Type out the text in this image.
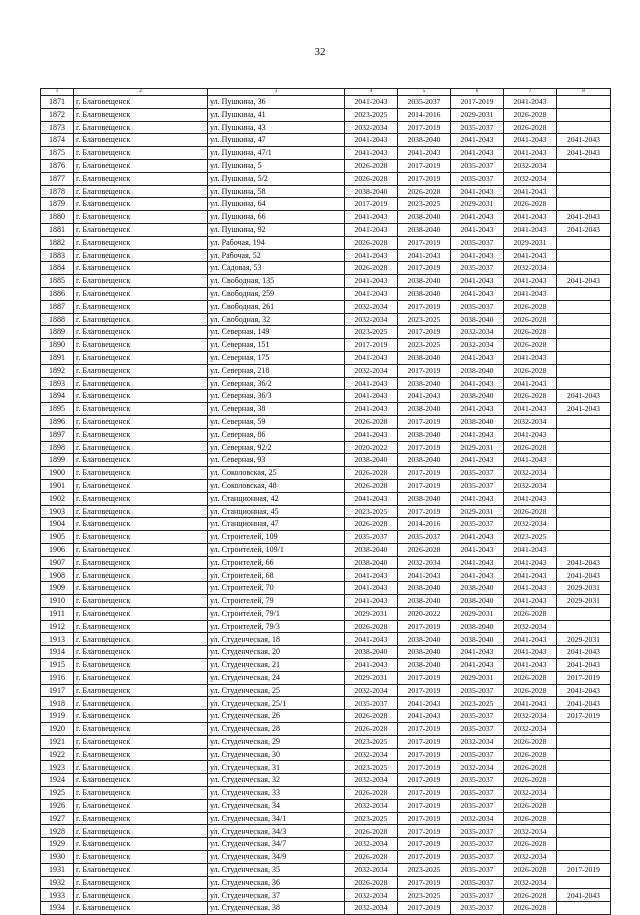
32
1	2	3	4	5	6	7	8
1871	г. Благовещенск	ул. Пушкина, 36	2041-2043	2035-2037	2017-2019	2041-2043	
1872	г. Благовещенск	ул. Пушкина, 41	2023-2025	2014-2016	2029-2031	2026-2028	
1873	г. Благовещенск	ул. Пушкина, 43	2032-2034	2017-2019	2035-2037	2026-2028	
1874	г. Благовещенск	ул. Пушкина, 47	2041-2043	2038-2040	2041-2043	2041-2043	2041-2043
1875	г. Благовещенск	ул. Пушкина, 47/1	2041-2043	2041-2043	2041-2043	2041-2043	2041-2043
1876	г. Благовещенск	ул. Пушкина, 5	2026-2028	2017-2019	2035-2037	2032-2034	
1877	г. Благовещенск	ул. Пушкина, 5/2	2026-2028	2017-2019	2035-2037	2032-2034	
1878	г. Благовещенск	ул. Пушкина, 58	2038-2040	2026-2028	2041-2043	2041-2043	
1879	г. Благовещенск	ул. Пушкина, 64	2017-2019	2023-2025	2029-2031	2026-2028	
1880	г. Благовещенск	ул. Пушкина, 66	2041-2043	2038-2040	2041-2043	2041-2043	2041-2043
1881	г. Благовещенск	ул. Пушкина, 92	2041-2043	2038-2040	2041-2043	2041-2043	2041-2043
1882	г. Благовещенск	ул. Рабочая, 194	2026-2028	2017-2019	2035-2037	2029-2031	
1883	г. Благовещенск	ул. Рабочая, 52	2041-2043	2041-2043	2041-2043	2041-2043	
1884	г. Благовещенск	ул. Садовая, 53	2026-2028	2017-2019	2035-2037	2032-2034	
1885	г. Благовещенск	ул. Свободная, 135	2041-2043	2038-2040	2041-2043	2041-2043	2041-2043
1886	г. Благовещенск	ул. Свободная, 259	2041-2043	2038-2040	2041-2043	2041-2043	
1887	г. Благовещенск	ул. Свободная, 261	2032-2034	2017-2019	2035-2037	2026-2028	
1888	г. Благовещенск	ул. Свободная, 32	2032-2034	2023-2025	2038-2040	2026-2028	
1889	г. Благовещенск	ул. Северная, 149	2023-2025	2017-2019	2032-2034	2026-2028	
1890	г. Благовещенск	ул. Северная, 151	2017-2019	2023-2025	2032-2034	2026-2028	
1891	г. Благовещенск	ул. Северная, 175	2041-2043	2038-2040	2041-2043	2041-2043	
1892	г. Благовещенск	ул. Северная, 218	2032-2034	2017-2019	2038-2040	2026-2028	
1893	г. Благовещенск	ул. Северная, 36/2	2041-2043	2038-2040	2041-2043	2041-2043	
1894	г. Благовещенск	ул. Северная, 36/3	2041-2043	2041-2043	2038-2040	2026-2028	2041-2043
1895	г. Благовещенск	ул. Северная, 38	2041-2043	2038-2040	2041-2043	2041-2043	2041-2043
1896	г. Благовещенск	ул. Северная, 59	2026-2028	2017-2019	2038-2040	2032-2034	
1897	г. Благовещенск	ул. Северная, 86	2041-2043	2038-2040	2041-2043	2041-2043	
1898	г. Благовещенск	ул. Северная, 92/2	2020-2022	2017-2019	2029-2031	2026-2028	
1899	г. Благовещенск	ул. Северная, 93	2038-2040	2038-2040	2041-2043	2041-2043	
1900	г. Благовещенск	ул. Соколовская, 25	2026-2028	2017-2019	2035-2037	2032-2034	
1901	г. Благовещенск	ул. Соколовская, 48	2026-2028	2017-2019	2035-2037	2032-2034	
1902	г. Благовещенск	ул. Станционная, 42	2041-2043	2038-2040	2041-2043	2041-2043	
1903	г. Благовещенск	ул. Станционная, 45	2023-2025	2017-2019	2029-2031	2026-2028	
1904	г. Благовещенск	ул. Станционная, 47	2026-2028	2014-2016	2035-2037	2032-2034	
1905	г. Благовещенск	ул. Строителей, 109	2035-2037	2035-2037	2041-2043	2023-2025	
1906	г. Благовещенск	ул. Строителей, 109/1	2038-2040	2026-2028	2041-2043	2041-2043	
1907	г. Благовещенск	ул. Строителей, 66	2038-2040	2032-2034	2041-2043	2041-2043	2041-2043
1908	г. Благовещенск	ул. Строителей, 68	2041-2043	2041-2043	2041-2043	2041-2043	2041-2043
1909	г. Благовещенск	ул. Строителей, 70	2041-2043	2038-2040	2038-2040	2041-2043	2029-2031
1910	г. Благовещенск	ул. Строителей, 79	2041-2043	2038-2040	2038-2040	2041-2043	2029-2031
1911	г. Благовещенск	ул. Строителей, 79/1	2029-2031	2020-2022	2029-2031	2026-2028	
1912	г. Благовещенск	ул. Строителей, 79/3	2026-2028	2017-2019	2038-2040	2032-2034	
1913	г. Благовещенск	ул. Студенческая, 18	2041-2043	2038-2040	2038-2040	2041-2043	2029-2031
1914	г. Благовещенск	ул. Студенческая, 20	2038-2040	2038-2040	2041-2043	2041-2043	2041-2043
1915	г. Благовещенск	ул. Студенческая, 21	2041-2043	2038-2040	2041-2043	2041-2043	2041-2043
1916	г. Благовещенск	ул. Студенческая, 24	2029-2031	2017-2019	2029-2031	2026-2028	2017-2019
1917	г. Благовещенск	ул. Студенческая, 25	2032-2034	2017-2019	2035-2037	2026-2028	2041-2043
1918	г. Благовещенск	ул. Студенческая, 25/1	2035-2037	2041-2043	2023-2025	2041-2043	2041-2043
1919	г. Благовещенск	ул. Студенческая, 26	2026-2028	2041-2043	2035-2037	2032-2034	2017-2019
1920	г. Благовещенск	ул. Студенческая, 28	2026-2028	2017-2019	2035-2037	2032-2034	
1921	г. Благовещенск	ул. Студенческая, 29	2023-2025	2017-2019	2032-2034	2026-2028	
1922	г. Благовещенск	ул. Студенческая, 30	2032-2034	2017-2019	2035-2037	2026-2028	
1923	г. Благовещенск	ул. Студенческая, 31	2023-2025	2017-2019	2032-2034	2026-2028	
1924	г. Благовещенск	ул. Студенческая, 32	2032-2034	2017-2019	2035-2037	2026-2028	
1925	г. Благовещенск	ул. Студенческая, 33	2026-2028	2017-2019	2035-2037	2032-2034	
1926	г. Благовещенск	ул. Студенческая, 34	2032-2034	2017-2019	2035-2037	2026-2028	
1927	г. Благовещенск	ул. Студенческая, 34/1	2023-2025	2017-2019	2032-2034	2026-2028	
1928	г. Благовещенск	ул. Студенческая, 34/3	2026-2028	2017-2019	2035-2037	2032-2034	
1929	г. Благовещенск	ул. Студенческая, 34/7	2032-2034	2017-2019	2035-2037	2026-2028	
1930	г. Благовещенск	ул. Студенческая, 34/9	2026-2028	2017-2019	2035-2037	2032-2034	
1931	г. Благовещенск	ул. Студенческая, 35	2032-2034	2023-2025	2035-2037	2026-2028	2017-2019
1932	г. Благовещенск	ул. Студенческая, 36	2026-2028	2017-2019	2035-2037	2032-2034	
1933	г. Благовещенск	ул. Студенческая, 37	2032-2034	2023-2025	2035-2037	2026-2028	2041-2043
1934	г. Благовещенск	ул. Студенческая, 38	2032-2034	2017-2019	2035-2037	2026-2028	
